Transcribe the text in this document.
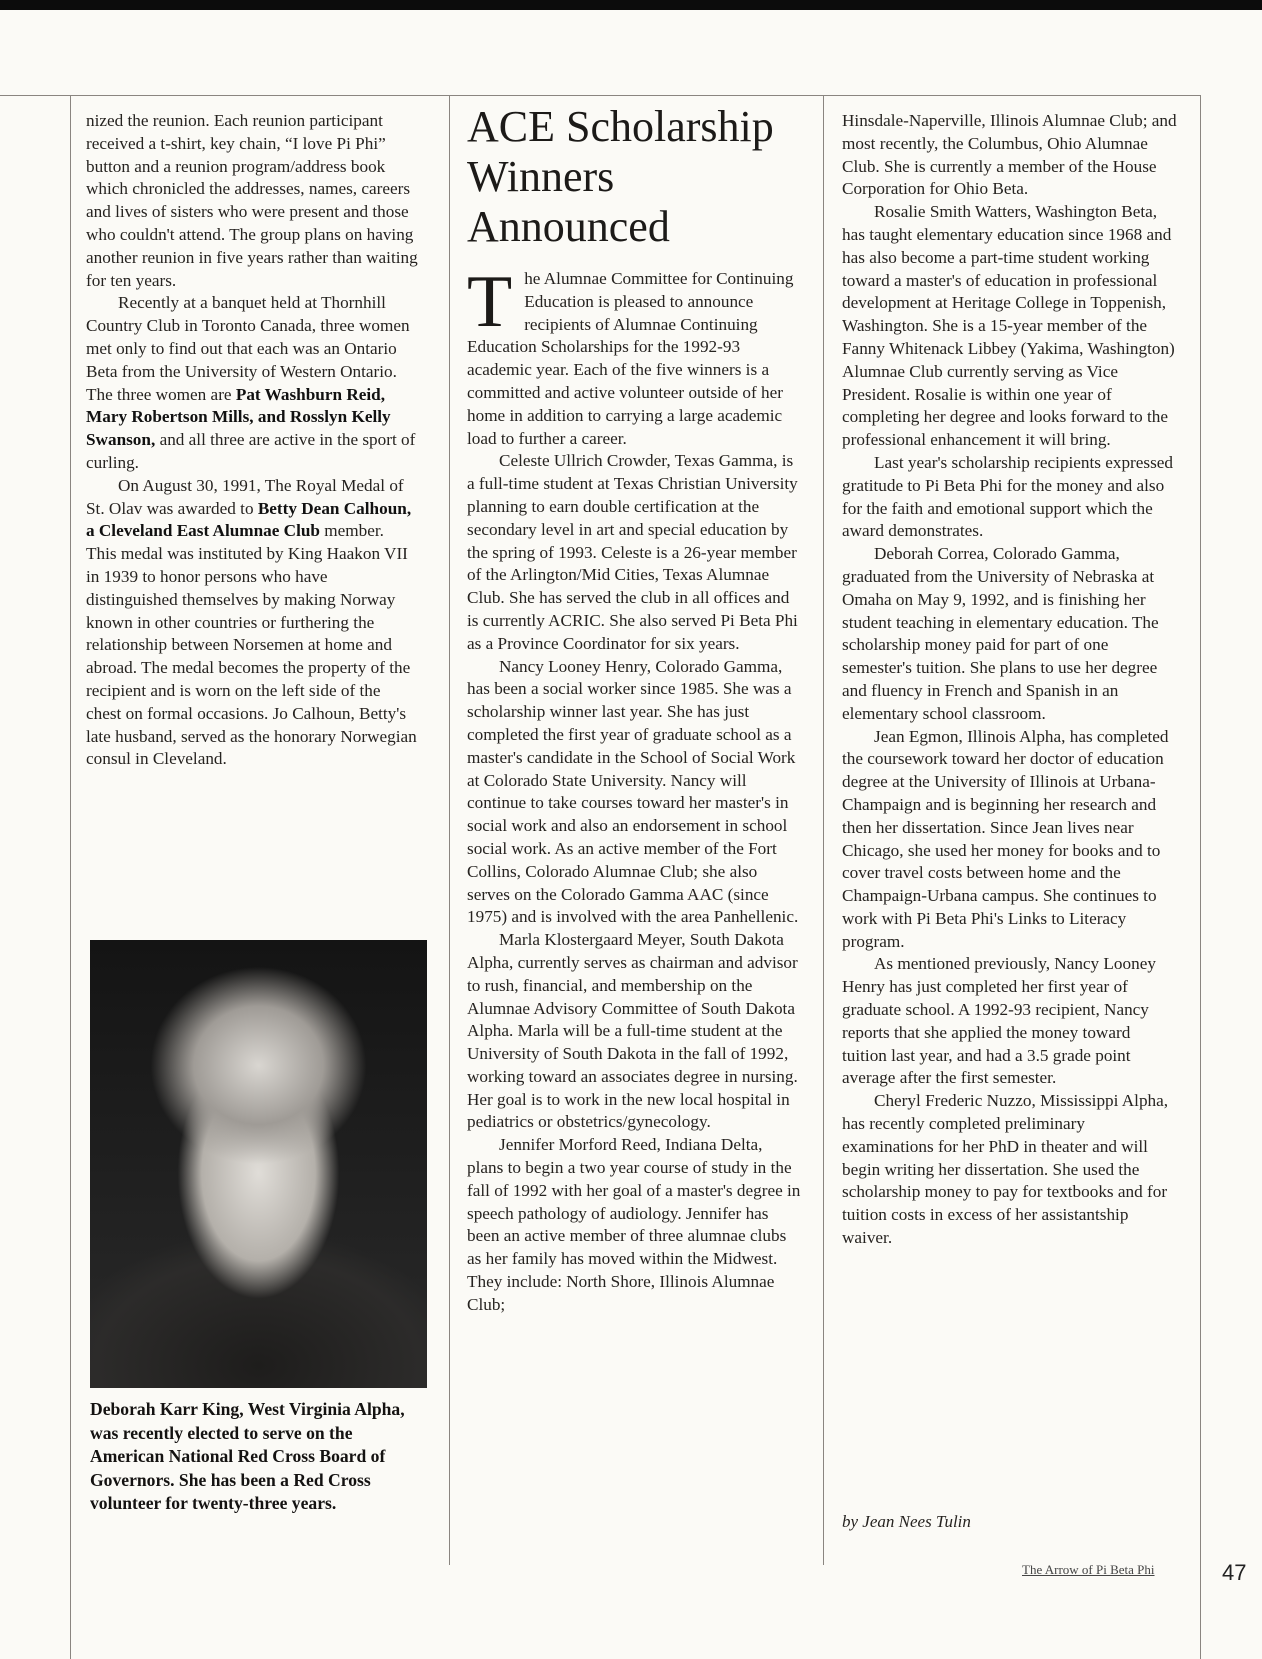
nized the reunion. Each reunion participant received a t-shirt, key chain, “I love Pi Phi” button and a reunion program/address book which chronicled the addresses, names, careers and lives of sisters who were present and those who couldn't attend. The group plans on having another reunion in five years rather than waiting for ten years.

Recently at a banquet held at Thornhill Country Club in Toronto Canada, three women met only to find out that each was an Ontario Beta from the University of Western Ontario. The three women are Pat Washburn Reid, Mary Robertson Mills, and Rosslyn Kelly Swanson, and all three are active in the sport of curling.

On August 30, 1991, The Royal Medal of St. Olav was awarded to Betty Dean Calhoun, a Cleveland East Alumnae Club member. This medal was instituted by King Haakon VII in 1939 to honor persons who have distinguished themselves by making Norway known in other countries or furthering the relationship between Norsemen at home and abroad. The medal becomes the property of the recipient and is worn on the left side of the chest on formal occasions. Jo Calhoun, Betty's late husband, served as the honorary Norwegian consul in Cleveland.

Deborah Karr King, West Virginia Alpha, was recently elected to serve on the American National Red Cross Board of Governors. She has been a Red Cross volunteer for twenty-three years.
ACE Scholarship Winners Announced

The Alumnae Committee for Continuing Education is pleased to announce recipients of Alumnae Continuing Education Scholarships for the 1992-93 academic year. Each of the five winners is a committed and active volunteer outside of her home in addition to carrying a large academic load to further a career.

Celeste Ullrich Crowder, Texas Gamma, is a full-time student at Texas Christian University planning to earn double certification at the secondary level in art and special education by the spring of 1993. Celeste is a 26-year member of the Arlington/Mid Cities, Texas Alumnae Club. She has served the club in all offices and is currently ACRIC. She also served Pi Beta Phi as a Province Coordinator for six years.

Nancy Looney Henry, Colorado Gamma, has been a social worker since 1985. She was a scholarship winner last year. She has just completed the first year of graduate school as a master's candidate in the School of Social Work at Colorado State University. Nancy will continue to take courses toward her master's in social work and also an endorsement in school social work. As an active member of the Fort Collins, Colorado Alumnae Club; she also serves on the Colorado Gamma AAC (since 1975) and is involved with the area Panhellenic.

Marla Klostergaard Meyer, South Dakota Alpha, currently serves as chairman and advisor to rush, financial, and membership on the Alumnae Advisory Committee of South Dakota Alpha. Marla will be a full-time student at the University of South Dakota in the fall of 1992, working toward an associates degree in nursing. Her goal is to work in the new local hospital in pediatrics or obstetrics/gynecology.

Jennifer Morford Reed, Indiana Delta, plans to begin a two year course of study in the fall of 1992 with her goal of a master's degree in speech pathology of audiology. Jennifer has been an active member of three alumnae clubs as her family has moved within the Midwest. They include: North Shore, Illinois Alumnae Club;

Hinsdale-Naperville, Illinois Alumnae Club; and most recently, the Columbus, Ohio Alumnae Club. She is currently a member of the House Corporation for Ohio Beta.

Rosalie Smith Watters, Washington Beta, has taught elementary education since 1968 and has also become a part-time student working toward a master's of education in professional development at Heritage College in Toppenish, Washington. She is a 15-year member of the Fanny Whitenack Libbey (Yakima, Washington) Alumnae Club currently serving as Vice President. Rosalie is within one year of completing her degree and looks forward to the professional enhancement it will bring.

Last year's scholarship recipients expressed gratitude to Pi Beta Phi for the money and also for the faith and emotional support which the award demonstrates.

Deborah Correa, Colorado Gamma, graduated from the University of Nebraska at Omaha on May 9, 1992, and is finishing her student teaching in elementary education. The scholarship money paid for part of one semester's tuition. She plans to use her degree and fluency in French and Spanish in an elementary school classroom.

Jean Egmon, Illinois Alpha, has completed the coursework toward her doctor of education degree at the University of Illinois at Urbana-Champaign and is beginning her research and then her dissertation. Since Jean lives near Chicago, she used her money for books and to cover travel costs between home and the Champaign-Urbana campus. She continues to work with Pi Beta Phi's Links to Literacy program.

As mentioned previously, Nancy Looney Henry has just completed her first year of graduate school. A 1992-93 recipient, Nancy reports that she applied the money toward tuition last year, and had a 3.5 grade point average after the first semester.

Cheryl Frederic Nuzzo, Mississippi Alpha, has recently completed preliminary examinations for her PhD in theater and will begin writing her dissertation. She used the scholarship money to pay for textbooks and for tuition costs in excess of her assistantship waiver.

by Jean Nees Tulin
The Arrow of Pi Beta Phi	47
